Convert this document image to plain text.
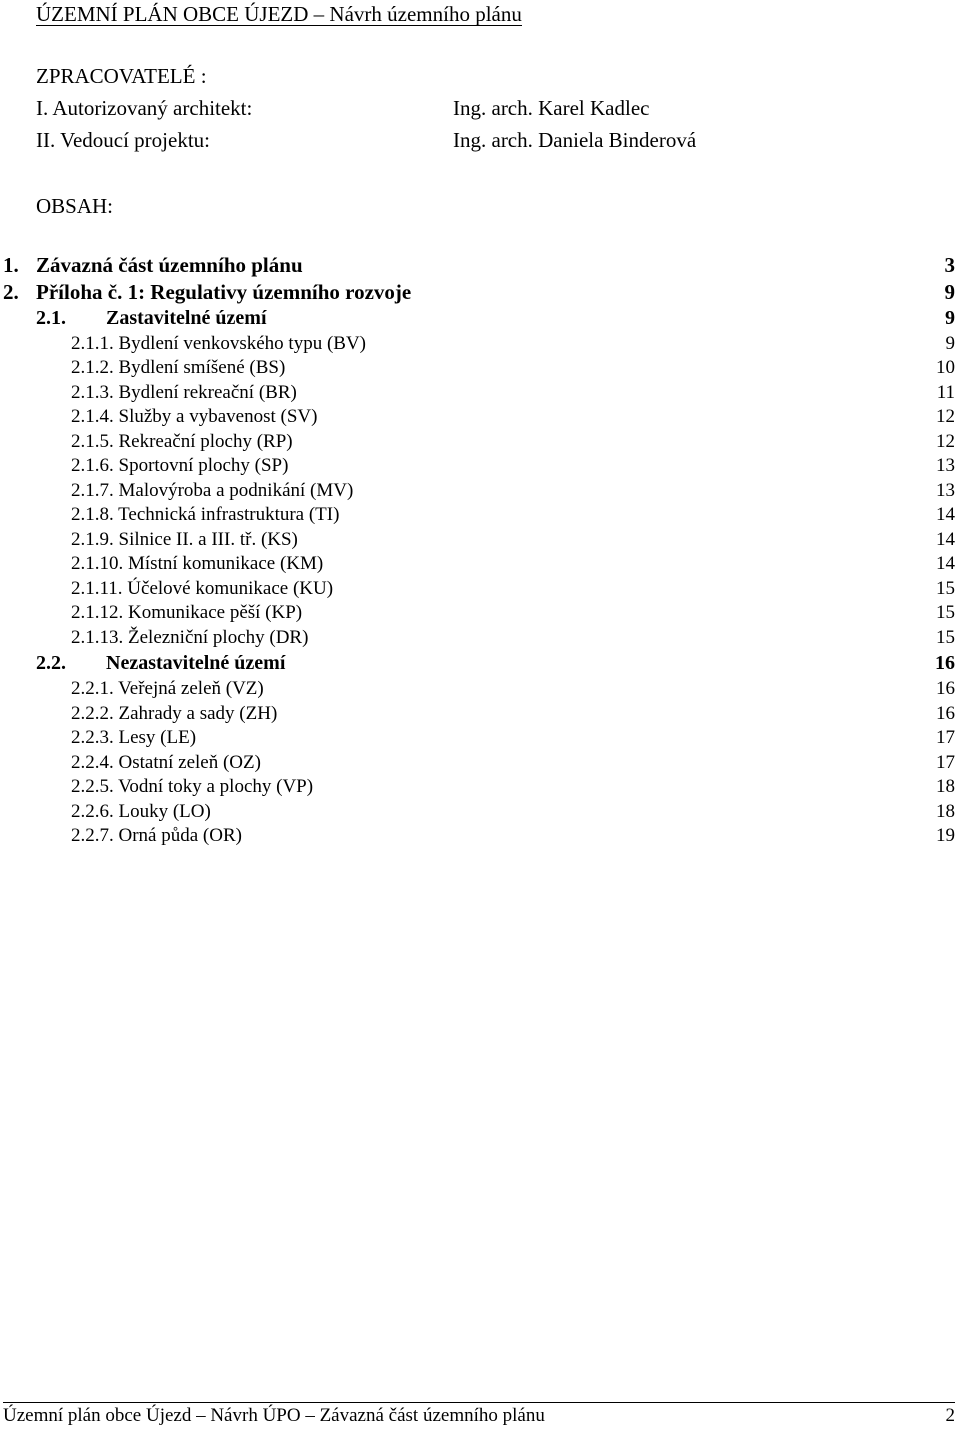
ÚZEMNÍ PLÁN OBCE ÚJEZD – Návrh územního plánu
ZPRACOVATELÉ :
I. Autorizovaný architekt:	Ing. arch. Karel Kadlec
II. Vedoucí projektu:	Ing. arch. Daniela Binderová
OBSAH:
1. Závazná část územního plánu	3
2. Příloha č. 1: Regulativy územního rozvoje	9
2.1. Zastavitelné území	9
2.1.1. Bydlení venkovského typu (BV)	9
2.1.2. Bydlení smíšené (BS)	10
2.1.3. Bydlení rekreační (BR)	11
2.1.4. Služby a vybavenost (SV)	12
2.1.5. Rekreační plochy (RP)	12
2.1.6. Sportovní plochy (SP)	13
2.1.7. Malovýroba a podnikání (MV)	13
2.1.8. Technická infrastruktura (TI)	14
2.1.9. Silnice II. a III. tř. (KS)	14
2.1.10. Místní komunikace (KM)	14
2.1.11. Účelové komunikace (KU)	15
2.1.12. Komunikace pěší (KP)	15
2.1.13. Železniční plochy (DR)	15
2.2. Nezastavitelné území	16
2.2.1. Veřejná zeleň (VZ)	16
2.2.2. Zahrady a sady (ZH)	16
2.2.3. Lesy (LE)	17
2.2.4. Ostatní zeleň (OZ)	17
2.2.5. Vodní toky a plochy (VP)	18
2.2.6. Louky (LO)	18
2.2.7. Orná půda (OR)	19
Územní plán obce Újezd – Návrh ÚPO – Závazná část územního plánu	2
